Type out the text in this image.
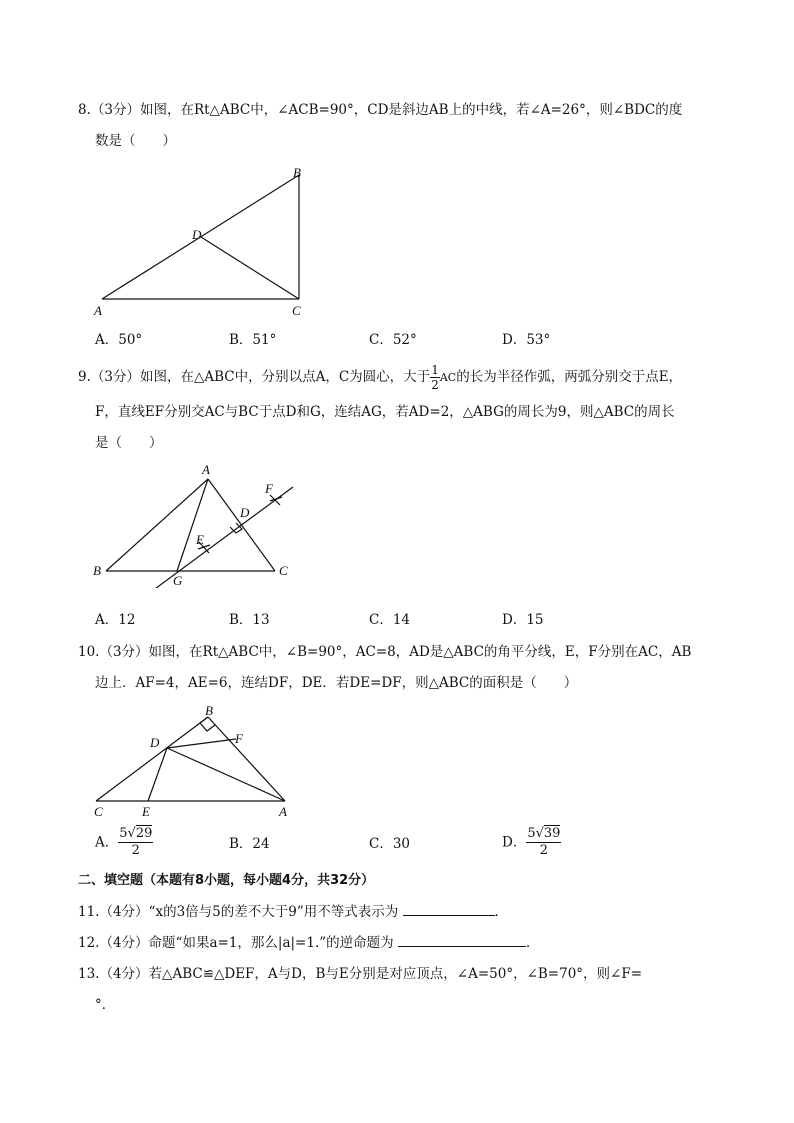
8.（3分）如图，在Rt△ABC中，∠ACB=90°，CD是斜边AB上的中线，若∠A=26°，则∠BDC的度
数是（　　）
B
D
A	C
A．50°	B．51°	C．52°	D．53°
9.（3分）如图，在△ABC中，分别以点A，C为圆心，大于 $\frac{1}{2}$ AC的长为半径作弧，两弧分别交于点E，
F，直线EF分别交AC与BC于点D和G，连结AG，若AD=2，△ABG的周长为9，则△ABC的周长
是（　　）
A
F
D
E
B
G
C
A．12	B．13	C．14	D．15
10.（3分）如图，在Rt△ABC中，∠B=90°，AC=8，AD是△ABC的角平分线，E，F分别在AC，AB
边上．AF=4，AE=6，连结DF，DE．若DE=DF，则△ABC的面积是（　　）
B
F
D
C	E	A
A． $\frac{5√29}{2}$	B．24	C．30	D． $\frac{5√39}{2}$
二、填空题（本题有8小题，每小题4分，共32分）
11.（4分）“x的3倍与5的差不大于9”用不等式表示为	．
12.（4分）命题“如果a=1，那么|a|=1.”的逆命题为	．
13.（4分）若△ABC≌△DEF，A与D，B与E分别是对应顶点，∠A=50°，∠B=70°，则∠F=
°．
